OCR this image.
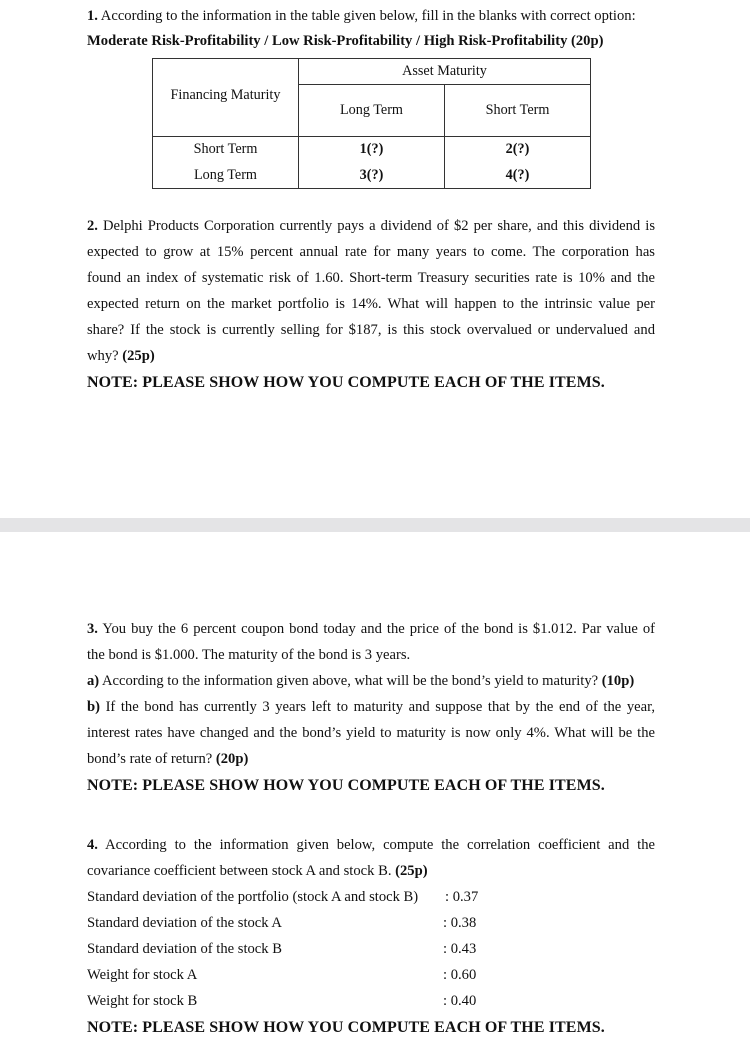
1. According to the information in the table given below, fill in the blanks with correct option:
Moderate Risk-Profitability / Low Risk-Profitability / High Risk-Profitability (20p)
Financing Maturity	Asset Maturity	
	Long Term	Short Term
Short Term	1(?)	2(?)
Long Term	3(?)	4(?)
2. Delphi Products Corporation currently pays a dividend of $2 per share, and this dividend is
expected to grow at 15% percent annual rate for many years to come. The corporation has
found an index of systematic risk of 1.60. Short-term Treasury securities rate is 10% and the
expected return on the market portfolio is 14%. What will happen to the intrinsic value per
share? If the stock is currently selling for $187, is this stock overvalued or undervalued and
why? (25p)
NOTE: PLEASE SHOW HOW YOU COMPUTE EACH OF THE ITEMS.
3. You buy the 6 percent coupon bond today and the price of the bond is $1.012. Par value of
the bond is $1.000. The maturity of the bond is 3 years.
a) According to the information given above, what will be the bond’s yield to maturity? (10p)
b) If the bond has currently 3 years left to maturity and suppose that by the end of the year,
interest rates have changed and the bond’s yield to maturity is now only 4%. What will be the
bond’s rate of return? (20p)
NOTE: PLEASE SHOW HOW YOU COMPUTE EACH OF THE ITEMS.
4. According to the information given below, compute the correlation coefficient and the
covariance coefficient between stock A and stock B. (25p)
Standard deviation of the portfolio (stock A and stock B) : 0.37
Standard deviation of the stock A	: 0.38
Standard deviation of the stock B	: 0.43
Weight for stock A	: 0.60
Weight for stock B	: 0.40
NOTE: PLEASE SHOW HOW YOU COMPUTE EACH OF THE ITEMS.
